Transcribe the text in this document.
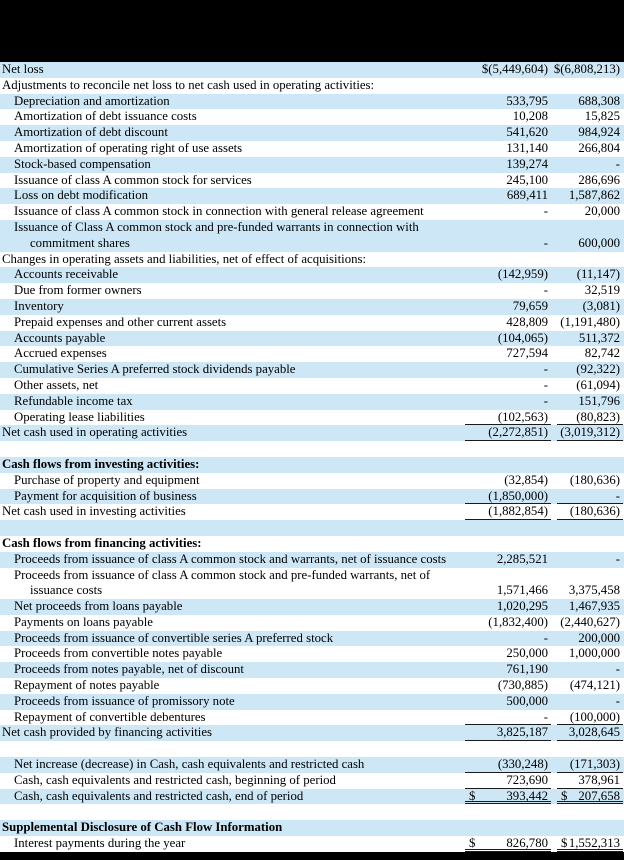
Net loss	$(5,449,604) $(6,808,213)
Adjustments to reconcile net loss to net cash used in operating activities:
Depreciation and amortization	533,795 688,308
Amortization of debt issuance costs	10,208	15,825
Amortization of debt discount	541,620 984,924
Amortization of operating right of use assets	131,140 266,804
Stock-based compensation	139,274	-
Issuance of class A common stock for services	245,100 286,696
Loss on debt modification	689,411 1,587,862
Issuance of class A common stock in connection with general release agreement	-	20,000
Issuance of Class A common stock and pre-funded warrants in connection with
commitment shares	- 600,000
Changes in operating assets and liabilities, net of effect of acquisitions:
Accounts receivable	(142,959) (11,147)
Due from former owners	-	32,519
Inventory	79,659	(3,081)
Prepaid expenses and other current assets	428,809 (1,191,480)
Accounts payable	(104,065) 511,372
Accrued expenses	727,594	82,742
Cumulative Series A preferred stock dividends payable	- (92,322)
Other assets, net	- (61,094)
Refundable income tax	- 151,796
Operating lease liabilities	(102,563) (80,823)
Net cash used in operating activities	(2,272,851) (3,019,312)

Cash flows from investing activities:
Purchase of property and equipment	(32,854) (180,636)
Payment for acquisition of business	(1,850,000)	-
Net cash used in investing activities	(1,882,854) (180,636)

Cash flows from financing activities:
Proceeds from issuance of class A common stock and warrants, net of issuance costs	2,285,521	-
Proceeds from issuance of class A common stock and pre-funded warrants, net of
issuance costs	1,571,466 3,375,458
Net proceeds from loans payable	1,020,295 1,467,935
Payments on loans payable	(1,832,400) (2,440,627)
Proceeds from issuance of convertible series A preferred stock	- 200,000
Proceeds from convertible notes payable	250,000 1,000,000
Proceeds from notes payable, net of discount	761,190	-
Repayment of notes payable	(730,885) (474,121)
Proceeds from issuance of promissory note	500,000	-
Repayment of convertible debentures	- (100,000)
Net cash provided by financing activities	3,825,187 3,028,645

Net increase (decrease) in Cash, cash equivalents and restricted cash	(330,248) (171,303)
Cash, cash equivalents and restricted cash, beginning of period	723,690 378,961
Cash, cash equivalents and restricted cash, end of period	$ 393,442 $ 207,658

Supplemental Disclosure of Cash Flow Information
Interest payments during the year	$ 826,780 $ 1,552,313
